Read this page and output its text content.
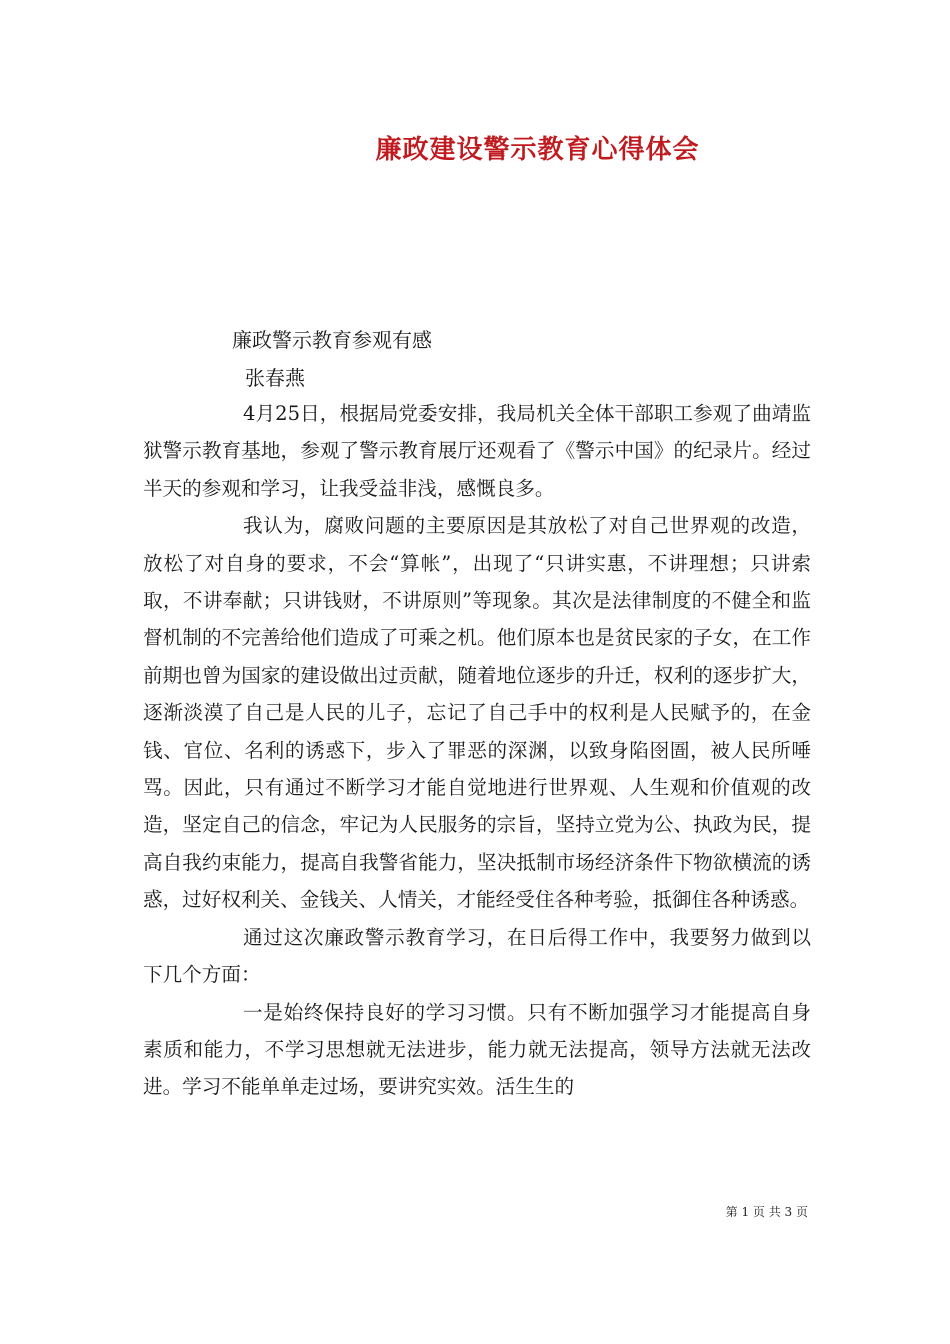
廉政建设警示教育心得体会
廉政警示教育参观有感
张春燕

4月25日，根据局党委安排，我局机关全体干部职工参观了曲靖监狱警示教育基地，参观了警示教育展厅还观看了《警示中国》的纪录片。经过半天的参观和学习，让我受益非浅，感慨良多。

我认为，腐败问题的主要原因是其放松了对自己世界观的改造，放松了对自身的要求，不会“算帐”，出现了“只讲实惠，不讲理想；只讲索取，不讲奉献；只讲钱财，不讲原则”等现象。其次是法律制度的不健全和监督机制的不完善给他们造成了可乘之机。他们原本也是贫民家的子女，在工作前期也曾为国家的建设做出过贡献，随着地位逐步的升迁，权利的逐步扩大，逐渐淡漠了自己是人民的儿子，忘记了自己手中的权利是人民赋予的，在金钱、官位、名利的诱惑下，步入了罪恶的深渊，以致身陷囹圄，被人民所唾骂。因此，只有通过不断学习才能自觉地进行世界观、人生观和价值观的改造，坚定自己的信念，牢记为人民服务的宗旨，坚持立党为公、执政为民，提高自我约束能力，提高自我警省能力，坚决抵制市场经济条件下物欲横流的诱惑，过好权利关、金钱关、人情关，才能经受住各种考验，抵御住各种诱惑。

通过这次廉政警示教育学习，在日后得工作中，我要努力做到以下几个方面：

一是始终保持良好的学习习惯。只有不断加强学习才能提高自身素质和能力，不学习思想就无法进步，能力就无法提高，领导方法就无法改进。学习不能单单走过场，要讲究实效。活生生的

第 1 页 共 3 页
